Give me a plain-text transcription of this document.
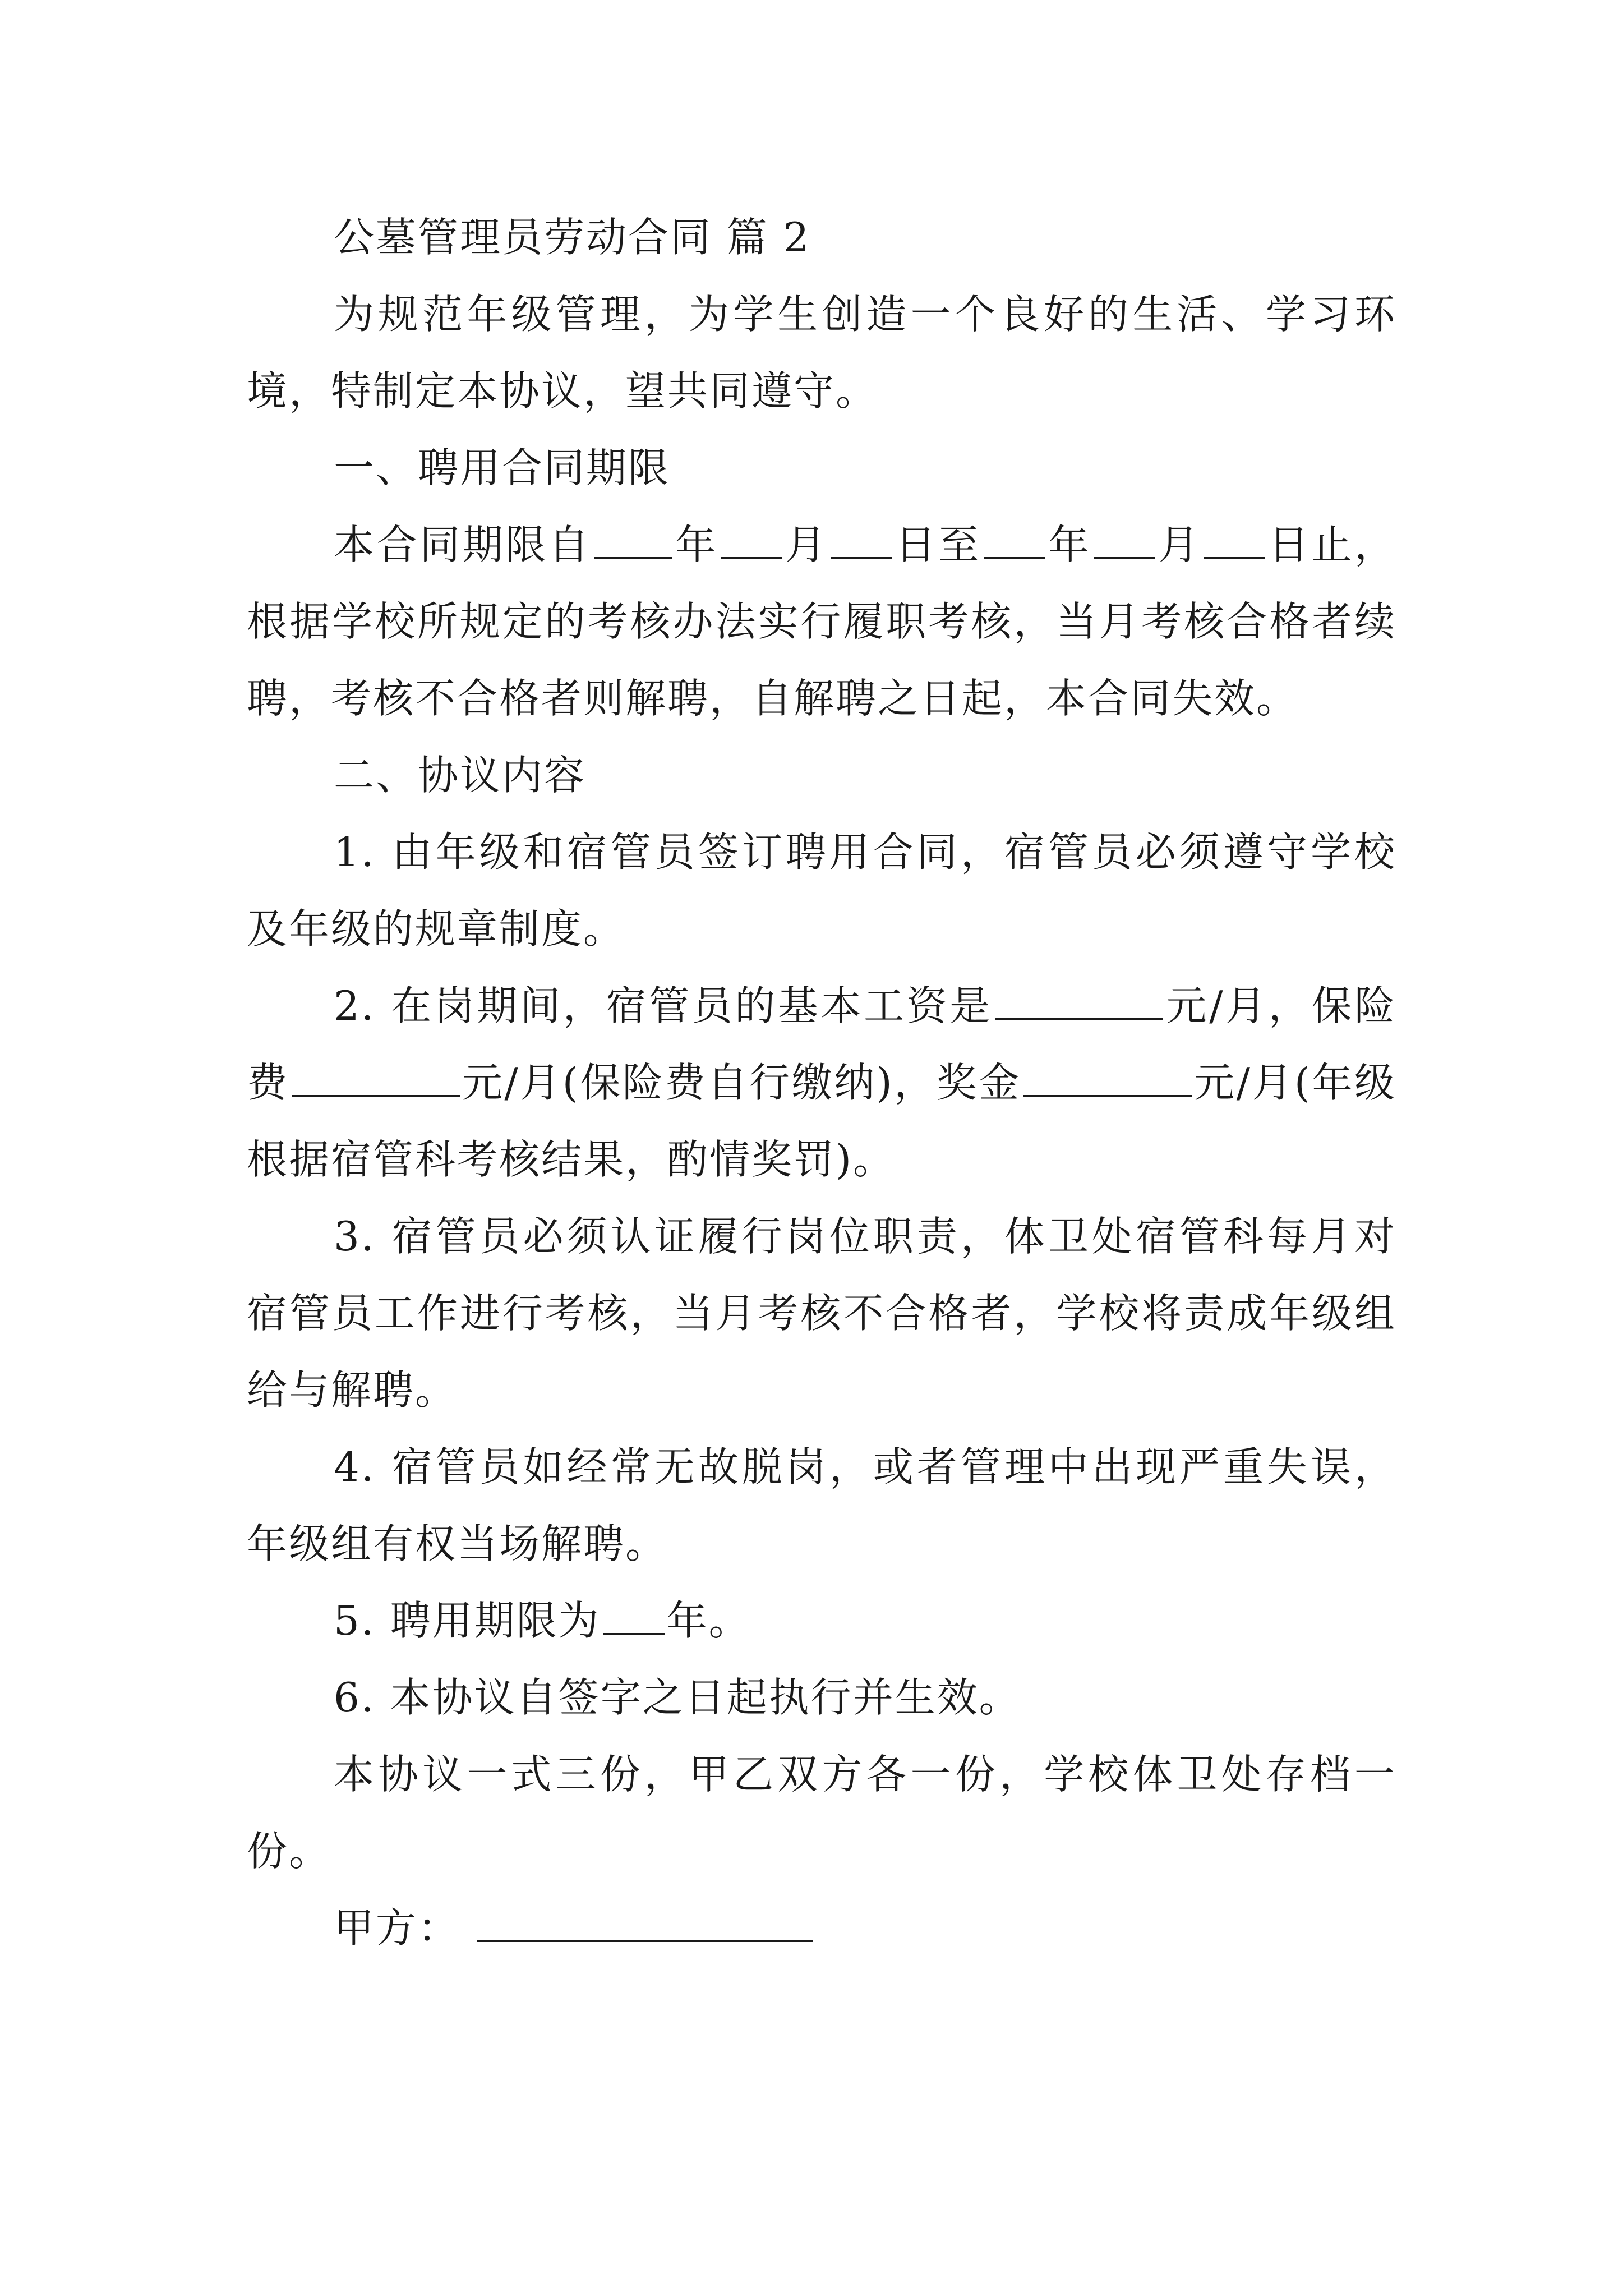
公墓管理员劳动合同 篇 2

为规范年级管理，为学生创造一个良好的生活、学习环境，特制定本协议，望共同遵守。

一、聘用合同期限

本合同期限自 年 月 日至 年 月 日止，根据学校所规定的考核办法实行履职考核，当月考核合格者续聘，考核不合格者则解聘，自解聘之日起，本合同失效。

二、协议内容

1. 由年级和宿管员签订聘用合同，宿管员必须遵守学校及年级的规章制度。

2. 在岗期间，宿管员的基本工资是	元/月，保险费	元/月(保险费自行缴纳)，奖金	元/月(年级根据宿管科考核结果，酌情奖罚)。

3. 宿管员必须认证履行岗位职责，体卫处宿管科每月对宿管员工作进行考核，当月考核不合格者，学校将责成年级组给与解聘。

4. 宿管员如经常无故脱岗，或者管理中出现严重失误，年级组有权当场解聘。

5. 聘用期限为 年。

6. 本协议自签字之日起执行并生效。

本协议一式三份，甲乙双方各一份，学校体卫处存档一份。

甲方：
